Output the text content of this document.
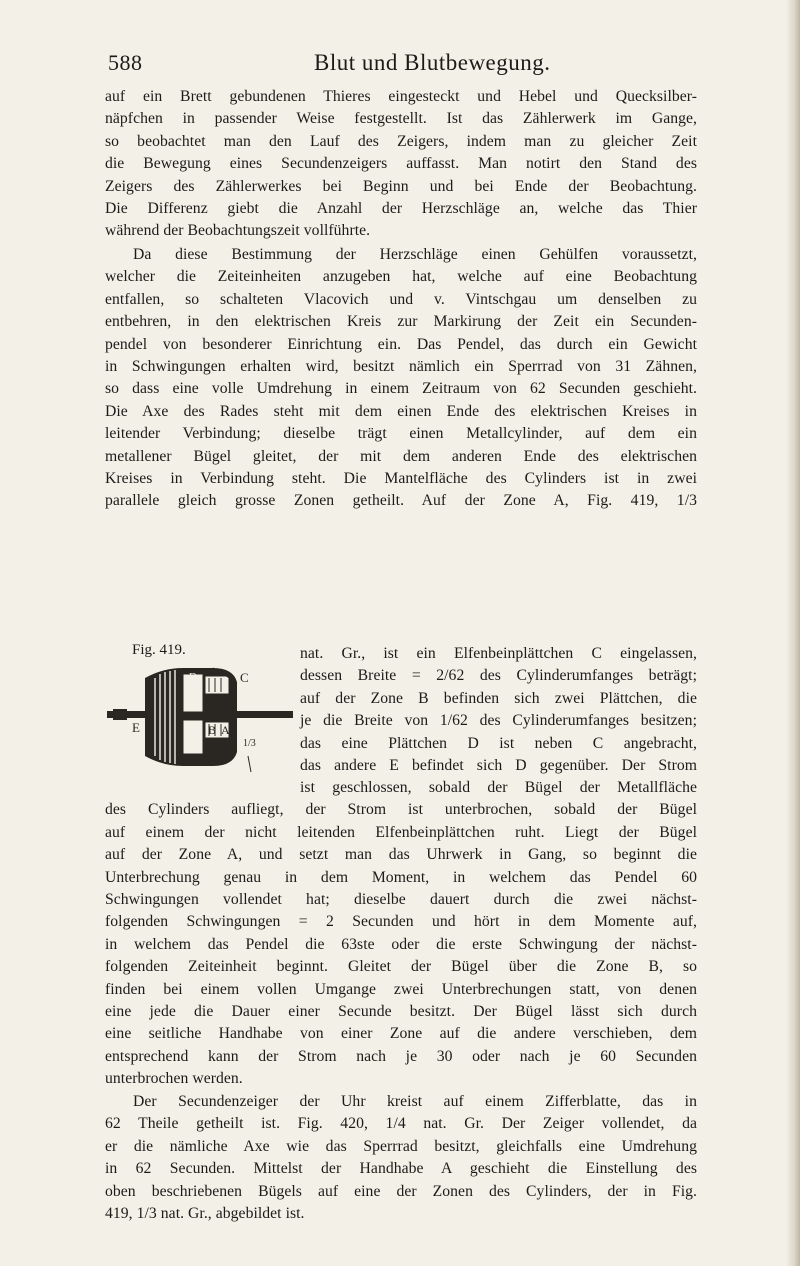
588	Blut und Blutbewegung.
auf ein Brett gebundenen Thieres eingesteckt und Hebel und Quecksilber-
näpfchen in passender Weise festgestellt. Ist das Zählerwerk im Gange,
so beobachtet man den Lauf des Zeigers, indem man zu gleicher Zeit
die Bewegung eines Secundenzeigers auffasst. Man notirt den Stand des
Zeigers des Zählerwerkes bei Beginn und bei Ende der Beobachtung.
Die Differenz giebt die Anzahl der Herzschläge an, welche das Thier
während der Beobachtungszeit vollführte.
Da diese Bestimmung der Herzschläge einen Gehülfen voraussetzt,
welcher die Zeiteinheiten anzugeben hat, welche auf eine Beobachtung
entfallen, so schalteten Vlacovich und v. Vintschgau um denselben zu
entbehren, in den elektrischen Kreis zur Markirung der Zeit ein Secunden-
pendel von besonderer Einrichtung ein. Das Pendel, das durch ein Gewicht
in Schwingungen erhalten wird, besitzt nämlich ein Sperrrad von 31 Zähnen,
so dass eine volle Umdrehung in einem Zeitraum von 62 Secunden geschieht.
Die Axe des Rades steht mit dem einen Ende des elektrischen Kreises in
leitender Verbindung; dieselbe trägt einen Metallcylinder, auf dem ein
metallener Bügel gleitet, der mit dem anderen Ende des elektrischen
Kreises in Verbindung steht. Die Mantelfläche des Cylinders ist in zwei
parallele gleich grosse Zonen getheilt. Auf der Zone A, Fig. 419, 1/3
Fig. 419.
D	C
B A
E
1/3
nat. Gr., ist ein Elfenbeinplättchen C eingelassen,
dessen Breite = 2/62 des Cylinderumfanges beträgt;
auf der Zone B befinden sich zwei Plättchen, die
je die Breite von 1/62 des Cylinderumfanges besitzen;
das eine Plättchen D ist neben C angebracht,
das andere E befindet sich D gegenüber. Der Strom
ist geschlossen, sobald der Bügel der Metallfläche
des Cylinders aufliegt, der Strom ist unterbrochen, sobald der Bügel
auf einem der nicht leitenden Elfenbeinplättchen ruht. Liegt der Bügel
auf der Zone A, und setzt man das Uhrwerk in Gang, so beginnt die
Unterbrechung genau in dem Moment, in welchem das Pendel 60
Schwingungen vollendet hat; dieselbe dauert durch die zwei nächst-
folgenden Schwingungen = 2 Secunden und hört in dem Momente auf,
in welchem das Pendel die 63ste oder die erste Schwingung der nächst-
folgenden Zeiteinheit beginnt. Gleitet der Bügel über die Zone B, so
finden bei einem vollen Umgange zwei Unterbrechungen statt, von denen
eine jede die Dauer einer Secunde besitzt. Der Bügel lässt sich durch
eine seitliche Handhabe von einer Zone auf die andere verschieben, dem
entsprechend kann der Strom nach je 30 oder nach je 60 Secunden
unterbrochen werden.
Der Secundenzeiger der Uhr kreist auf einem Zifferblatte, das in
62 Theile getheilt ist. Fig. 420, 1/4 nat. Gr. Der Zeiger vollendet, da
er die nämliche Axe wie das Sperrrad besitzt, gleichfalls eine Umdrehung
in 62 Secunden. Mittelst der Handhabe A geschieht die Einstellung des
oben beschriebenen Bügels auf eine der Zonen des Cylinders, der in Fig.
419, 1/3 nat. Gr., abgebildet ist.
